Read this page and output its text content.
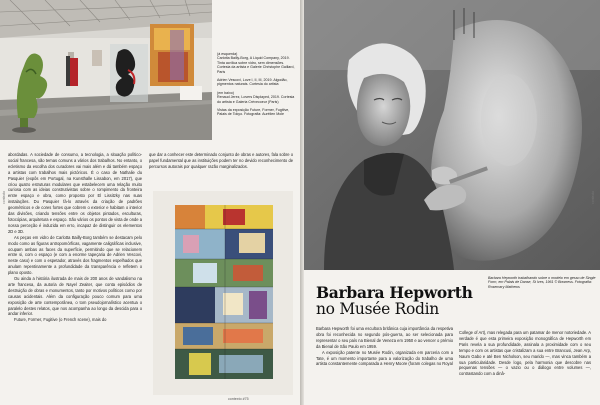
(à esquerda)
Carlotta Bailly-Borg, A Liquid Company, 2019. Tinta acrílica sobre vidro, sem dimensões. Cortesia da artista e Galerie Christophe Gaillard, Paris

Adrien Vescovi, Love I, II, III, 2019. Algodão, pigmentos naturais. Cortesia do artista

(em baixo)
Renaud Jerez, Lovers Displayed, 2019. Cortesia do artista e Galeria Crèvecoeur (Paris)

Vistas da exposição Future, Former, Fugitive, Palais de Tokyo. Fotografia: Aurélien Mole

abordadas. A sociedade de consumo, a tecnologia, a situação político-social francesa, são temas comuns a vários dos trabalhos. No entanto, o ecletismo da escolha dos curadores vai mais além e dá também espaço a artistas com trabalhos mais pictóricos. É o caso de Nathalie du Pasquier (expôs em Portugal, na Kunsthalle Lissabon, em 2017), que criou quatro estruturas modulares que estabelecem uma relação muito curiosa com as ideias construtivistas sobre o rompimento da fronteira entre espaço e obra, como proposto por El Lissitzky nas suas instalações. Du Pasquier fá-lo através da criação de padrões geométricos e de cores fortes que cobrem o exterior e habitam o interior das divisões, criando tensões entre os objetos pintados, esculturas, fotocópias, arquitetura e espaço. São vários os pontos de vista de onde a nossa perceção é induzida em erro, incapaz de distinguir os elementos 2D e 3D.

As peças em vidro de Carlotta Bailly-Borg também se destacam pelo modo como as figuras antropomórficas, vagamente caligráficas inclusive, ocupam ambas as faces da superfície, permitindo que se relacionem entre si, com o espaço (e com a enorme tapeçaria de Adrien Vescovi, neste caso) e com o espetador, através dos fragmentos espelhados que anulam repentinamente a profundidade da transparência e refletem o plano oposto.

Ou ainda a história ilustrada de mais de 200 anos de vandalismo na arte francesa, da autoria de Nayel Zeaiter, que conta episódios de destruição de obras e monumentos, tanto por motivos políticos como por causas acidentais. Além da configuração pouco comum para uma exposição de arte contemporânea, o tom pseudojornalístico acentua o paralelo destes relatos, que nos acompanha ao longo da descida para o andar inferior.

Future, Former, Fugitive (o French scene), mais do

que dar a conhecer este determinado conjunto de obras e autores, fala sobre o papel fundamental que as instituições podem ter no devido reconhecimento de percursos autorais por qualquer razão marginalizados.

contexto #75
contexto
Barbara Hepworth trabalhando sobre o modelo em gesso de Single Form, em Palais de Danse, St Ives, 1961 © Bowness. Fotografia: Rosemary Mathews
Barbara Hepworth
no Musée Rodin

Barbara Hepworth foi uma escultora britânica cuja importância da respetiva obra foi reconhecida no segundo pós-guerra, ao ser selecionada para representar o seu país na Bienal de Veneza em 1950 e ao vencer o prémio da Bienal de São Paulo em 1959.

A exposição patente no Musée Rodin, organizada em parceria com a Tate, é um momento importante para a valorização do trabalho de uma artista constantemente comparada a Henry Moore (foram colegas no Royal

College of Art), mas relegada para um patamar de menor notoriedade. A verdade é que esta primeira exposição monográfica de Hepworth em Paris revela a sua profundidade, assinala a proximidade com o seu tempo e com os artistas que cristalizam a sua entre Brancusi, Jean Arp, Naum Gabo e até Ben Nicholson, seu marido —, mas vinca também a sua particularidade. Desde logo, pela harmonia que descobre nas pequenas tensões — o vazio ou o diálogo entre volumes —, contrastando com a dinâ-

contexto
